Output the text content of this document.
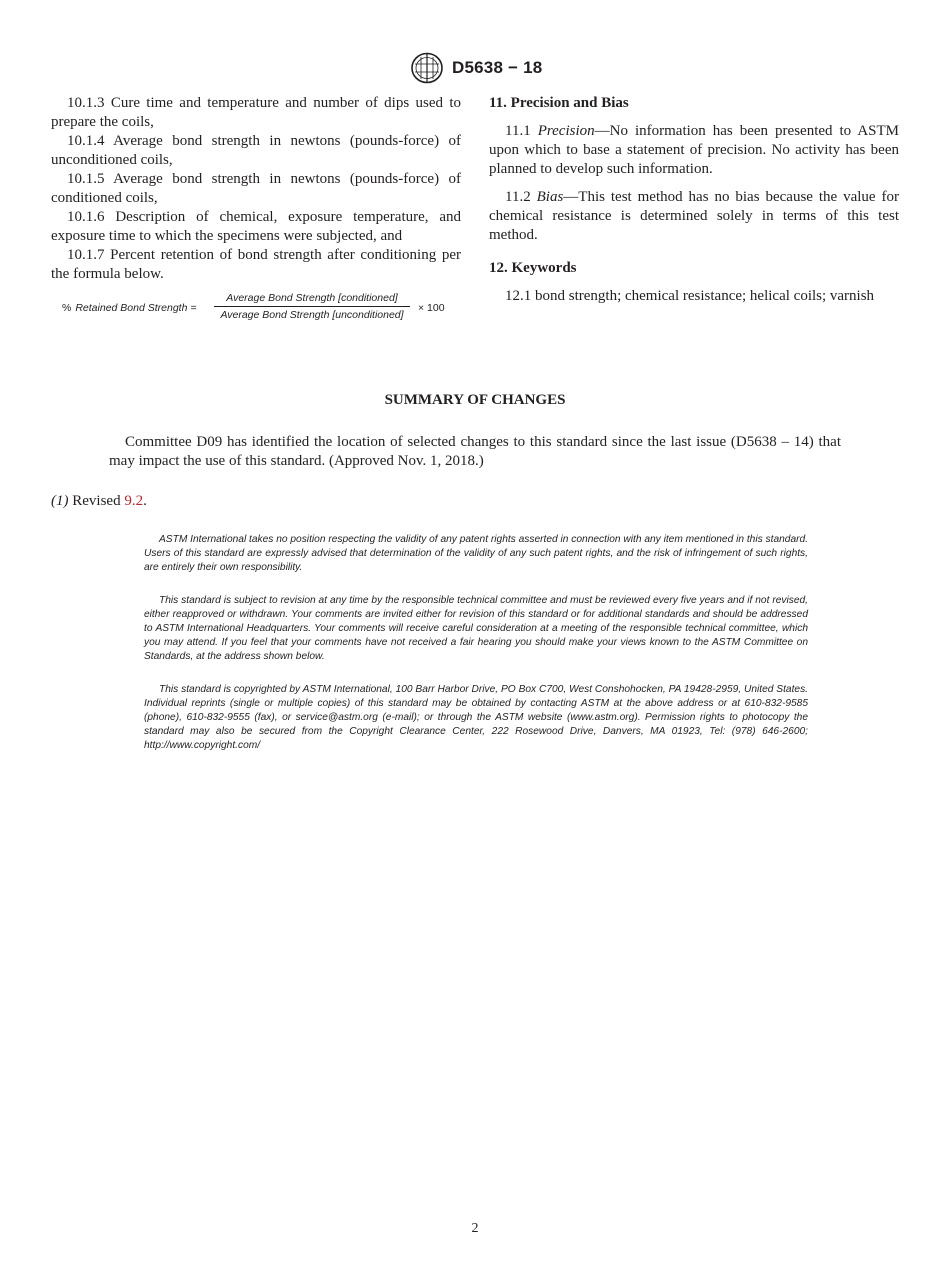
D5638 − 18

10.1.3 Cure time and temperature and number of dips used to prepare the coils,

10.1.4 Average bond strength in newtons (pounds-force) of unconditioned coils,

10.1.5 Average bond strength in newtons (pounds-force) of conditioned coils,

10.1.6 Description of chemical, exposure temperature, and exposure time to which the specimens were subjected, and

10.1.7 Percent retention of bond strength after conditioning per the formula below.

% Retained Bond Strength =
Average Bond Strength [conditioned]
Average Bond Strength [unconditioned]
× 100

11. Precision and Bias

11.1 Precision—No information has been presented to ASTM upon which to base a statement of precision. No activity has been planned to develop such information.

11.2 Bias—This test method has no bias because the value for chemical resistance is determined solely in terms of this test method.

12. Keywords

12.1 bond strength; chemical resistance; helical coils; varnish

SUMMARY OF CHANGES
Committee D09 has identified the location of selected changes to this standard since the last issue (D5638 – 14) that may impact the use of this standard. (Approved Nov. 1, 2018.)
(1) Revised 9.2.
ASTM International takes no position respecting the validity of any patent rights asserted in connection with any item mentioned in this standard. Users of this standard are expressly advised that determination of the validity of any such patent rights, and the risk of infringement of such rights, are entirely their own responsibility.
This standard is subject to revision at any time by the responsible technical committee and must be reviewed every five years and if not revised, either reapproved or withdrawn. Your comments are invited either for revision of this standard or for additional standards and should be addressed to ASTM International Headquarters. Your comments will receive careful consideration at a meeting of the responsible technical committee, which you may attend. If you feel that your comments have not received a fair hearing you should make your views known to the ASTM Committee on Standards, at the address shown below.
This standard is copyrighted by ASTM International, 100 Barr Harbor Drive, PO Box C700, West Conshohocken, PA 19428-2959, United States. Individual reprints (single or multiple copies) of this standard may be obtained by contacting ASTM at the above address or at 610-832-9585 (phone), 610-832-9555 (fax), or service@astm.org (e-mail); or through the ASTM website (www.astm.org). Permission rights to photocopy the standard may also be secured from the Copyright Clearance Center, 222 Rosewood Drive, Danvers, MA 01923, Tel: (978) 646-2600; http://www.copyright.com/
2
